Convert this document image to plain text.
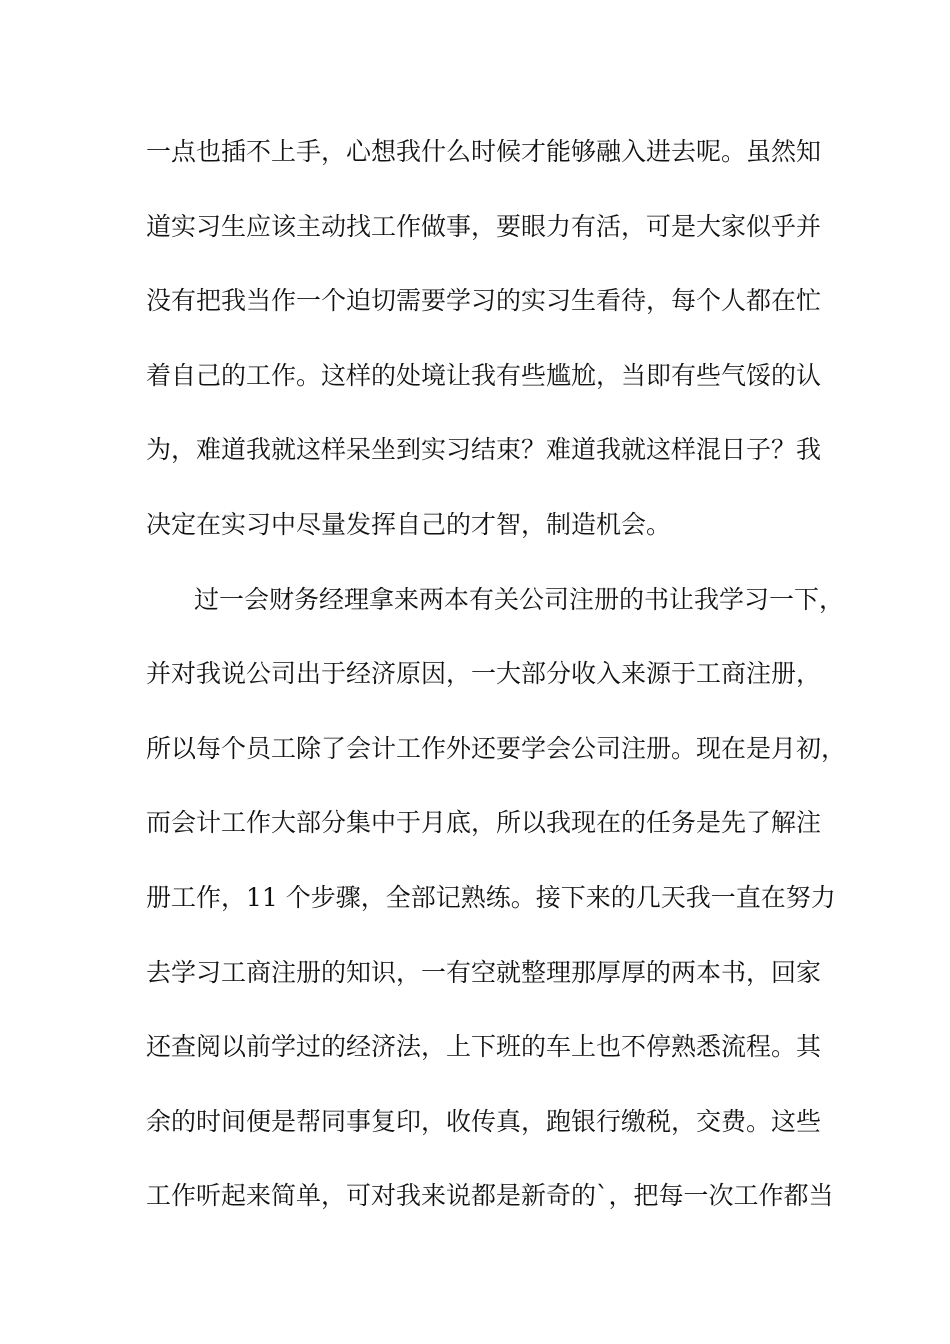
一点也插不上手，心想我什么时候才能够融入进去呢。虽然知
道实习生应该主动找工作做事，要眼力有活，可是大家似乎并
没有把我当作一个迫切需要学习的实习生看待，每个人都在忙
着自己的工作。这样的处境让我有些尴尬，当即有些气馁的认
为，难道我就这样呆坐到实习结束？难道我就这样混日子？我
决定在实习中尽量发挥自己的才智，制造机会。
过一会财务经理拿来两本有关公司注册的书让我学习一下，
并对我说公司出于经济原因，一大部分收入来源于工商注册，
所以每个员工除了会计工作外还要学会公司注册。现在是月初，
而会计工作大部分集中于月底，所以我现在的任务是先了解注
册工作，11 个步骤，全部记熟练。接下来的几天我一直在努力
去学习工商注册的知识，一有空就整理那厚厚的两本书，回家
还查阅以前学过的经济法，上下班的车上也不停熟悉流程。其
余的时间便是帮同事复印，收传真，跑银行缴税，交费。这些
工作听起来简单，可对我来说都是新奇的`，把每一次工作都当
